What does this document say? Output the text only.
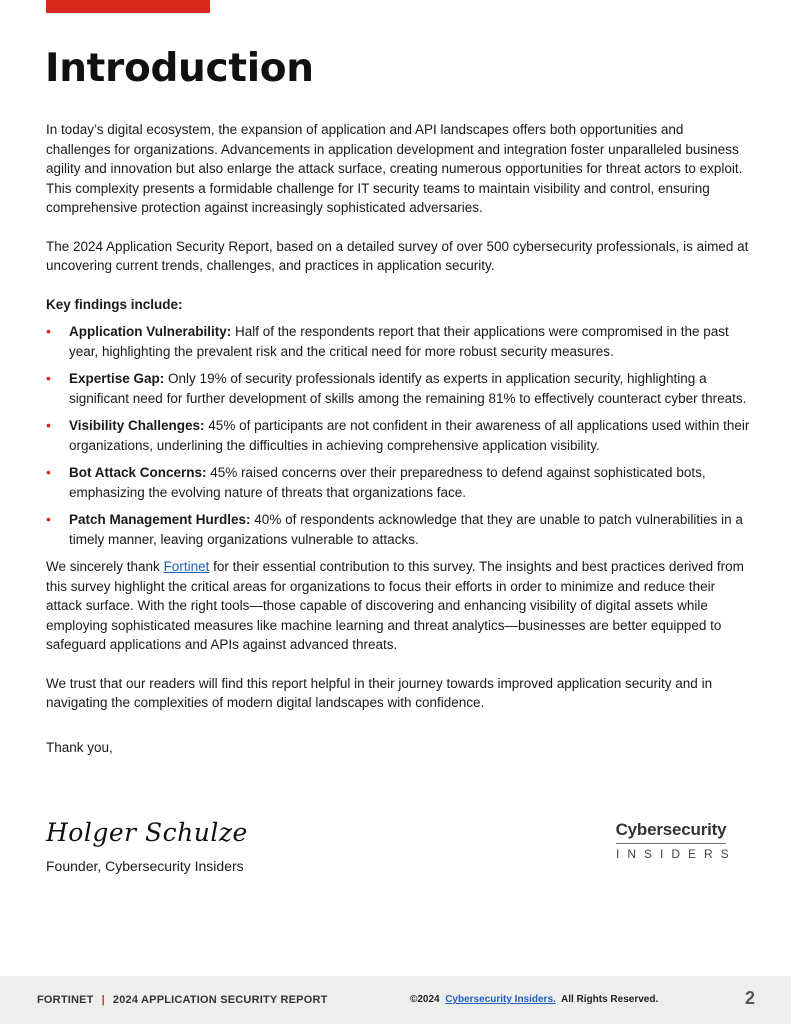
Introduction

In today’s digital ecosystem, the expansion of application and API landscapes offers both opportunities and challenges for organizations. Advancements in application development and integration foster unparalleled business agility and innovation but also enlarge the attack surface, creating numerous opportunities for threat actors to exploit. This complexity presents a formidable challenge for IT security teams to maintain visibility and control, ensuring comprehensive protection against increasingly sophisticated adversaries.

The 2024 Application Security Report, based on a detailed survey of over 500 cybersecurity professionals, is aimed at uncovering current trends, challenges, and practices in application security.

Key findings include:

• Application Vulnerability: Half of the respondents report that their applications were compromised in the past year, highlighting the prevalent risk and the critical need for more robust security measures.
• Expertise Gap: Only 19% of security professionals identify as experts in application security, highlighting a significant need for further development of skills among the remaining 81% to effectively counteract cyber threats.
• Visibility Challenges: 45% of participants are not confident in their awareness of all applications used within their organizations, underlining the difficulties in achieving comprehensive application visibility.
• Bot Attack Concerns: 45% raised concerns over their preparedness to defend against sophisticated bots, emphasizing the evolving nature of threats that organizations face.
• Patch Management Hurdles: 40% of respondents acknowledge that they are unable to patch vulnerabilities in a timely manner, leaving organizations vulnerable to attacks.

We sincerely thank Fortinet for their essential contribution to this survey. The insights and best practices derived from this survey highlight the critical areas for organizations to focus their efforts in order to minimize and reduce their attack surface. With the right tools—those capable of discovering and enhancing visibility of digital assets while employing sophisticated measures like machine learning and threat analytics—businesses are better equipped to safeguard applications and APIs against advanced threats.

We trust that our readers will find this report helpful in their journey towards improved application security and in navigating the complexities of modern digital landscapes with confidence.

Thank you,

Holger Schulze
Founder, Cybersecurity Insiders
Cybersecurity
INSIDERS
FORTINET | 2024 APPLICATION SECURITY REPORT	©2024 Cybersecurity Insiders. All Rights Reserved.	2
